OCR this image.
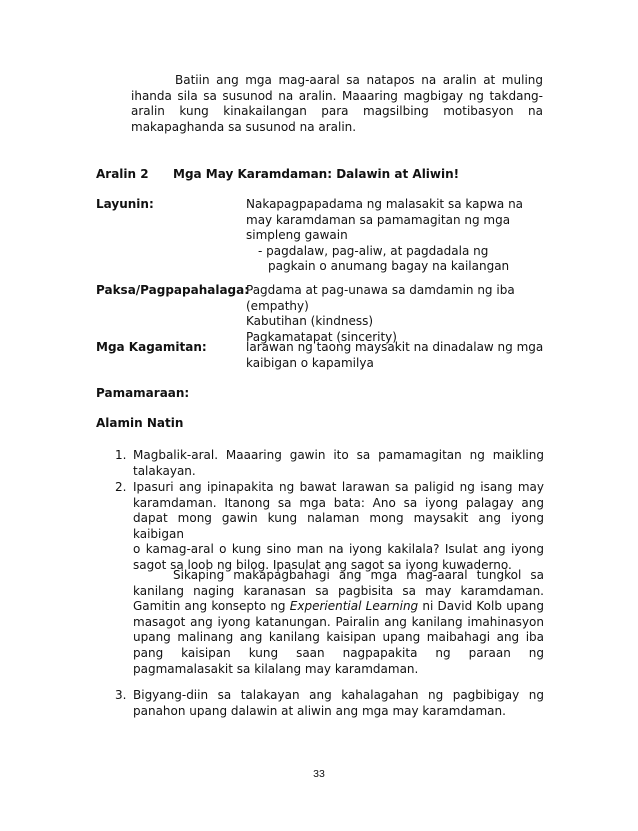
Batiin ang mga mag-aaral sa natapos na aralin at muling
ihanda sila sa susunod na aralin. Maaaring magbigay ng takdang-
aralin kung kinakailangan para magsilbing motibasyon na
makapaghanda sa susunod na aralin.
Aralin 2 Mga May Karamdaman: Dalawin at Aliwin!
Layunin:	Nakapagpapadama ng malasakit sa kapwa na
may karamdaman sa pamamagitan ng mga
simpleng gawain
- pagdalaw, pag-aliw, at pagdadala ng
pagkain o anumang bagay na kailangan
Paksa/Pagpapahalaga:
Pagdama at pag-unawa sa damdamin ng iba
(empathy)
Kabutihan (kindness)
Pagkamatapat (sincerity)
Mga Kagamitan:	larawan ng taong maysakit na dinadalaw ng mga
kaibigan o kapamilya
Pamamaraan:
Alamin Natin
1. Magbalik-aral. Maaaring gawin ito sa pamamagitan ng maikling
talakayan.
2. Ipasuri ang ipinapakita ng bawat larawan sa paligid ng isang may
karamdaman. Itanong sa mga bata: Ano sa iyong palagay ang
dapat mong gawin kung nalaman mong maysakit ang iyong kaibigan
o kamag-aral o kung sino man na iyong kakilala? Isulat ang iyong
sagot sa loob ng bilog. Ipasulat ang sagot sa iyong kuwaderno.
Sikaping makapagbahagi ang mga mag-aaral tungkol sa
kanilang naging karanasan sa pagbisita sa may karamdaman.
Gamitin ang konsepto ng Experiential Learning ni David Kolb upang
masagot ang iyong katanungan. Pairalin ang kanilang imahinasyon
upang malinang ang kanilang kaisipan upang maibahagi ang iba
pang kaisipan kung saan nagpapakita ng paraan ng
pagmamalasakit sa kilalang may karamdaman.
3. Bigyang-diin sa talakayan ang kahalagahan ng pagbibigay ng
panahon upang dalawin at aliwin ang mga may karamdaman.
33
